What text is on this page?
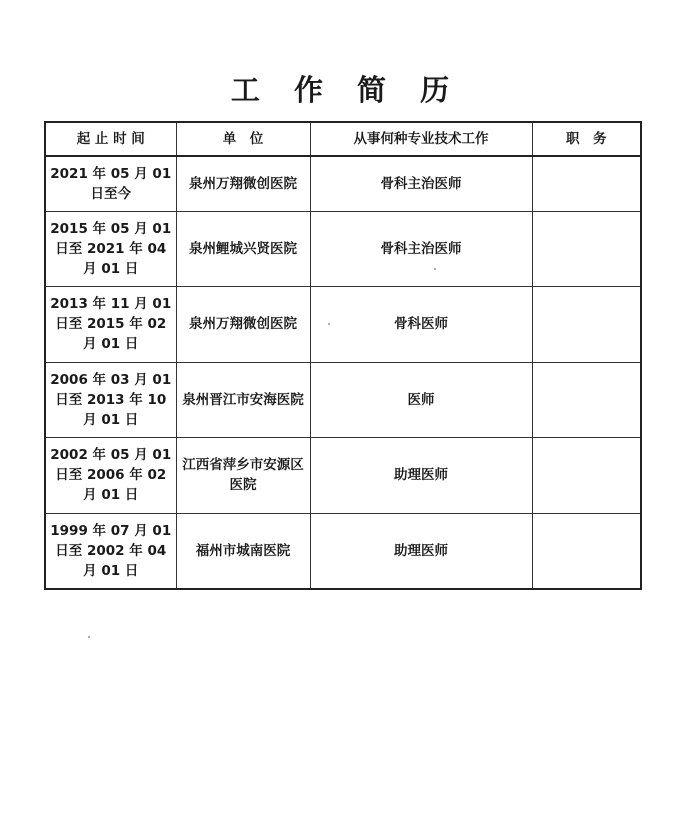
工 作 简 历
起 止 时 间	单　位	从事何种专业技术工作	职　务
2021 年 05 月 01 日至今	泉州万翔微创医院	骨科主治医师	
2015 年 05 月 01 日至 2021 年 04 月 01 日	泉州鲤城兴贤医院	骨科主治医师	
2013 年 11 月 01 日至 2015 年 02 月 01 日	泉州万翔微创医院	骨科医师	
2006 年 03 月 01 日至 2013 年 10 月 01 日	泉州晋江市安海医院	医师	
2002 年 05 月 01 日至 2006 年 02 月 01 日	江西省萍乡市安源区医院	助理医师	
1999 年 07 月 01 日至 2002 年 04 月 01 日	福州市城南医院	助理医师	
